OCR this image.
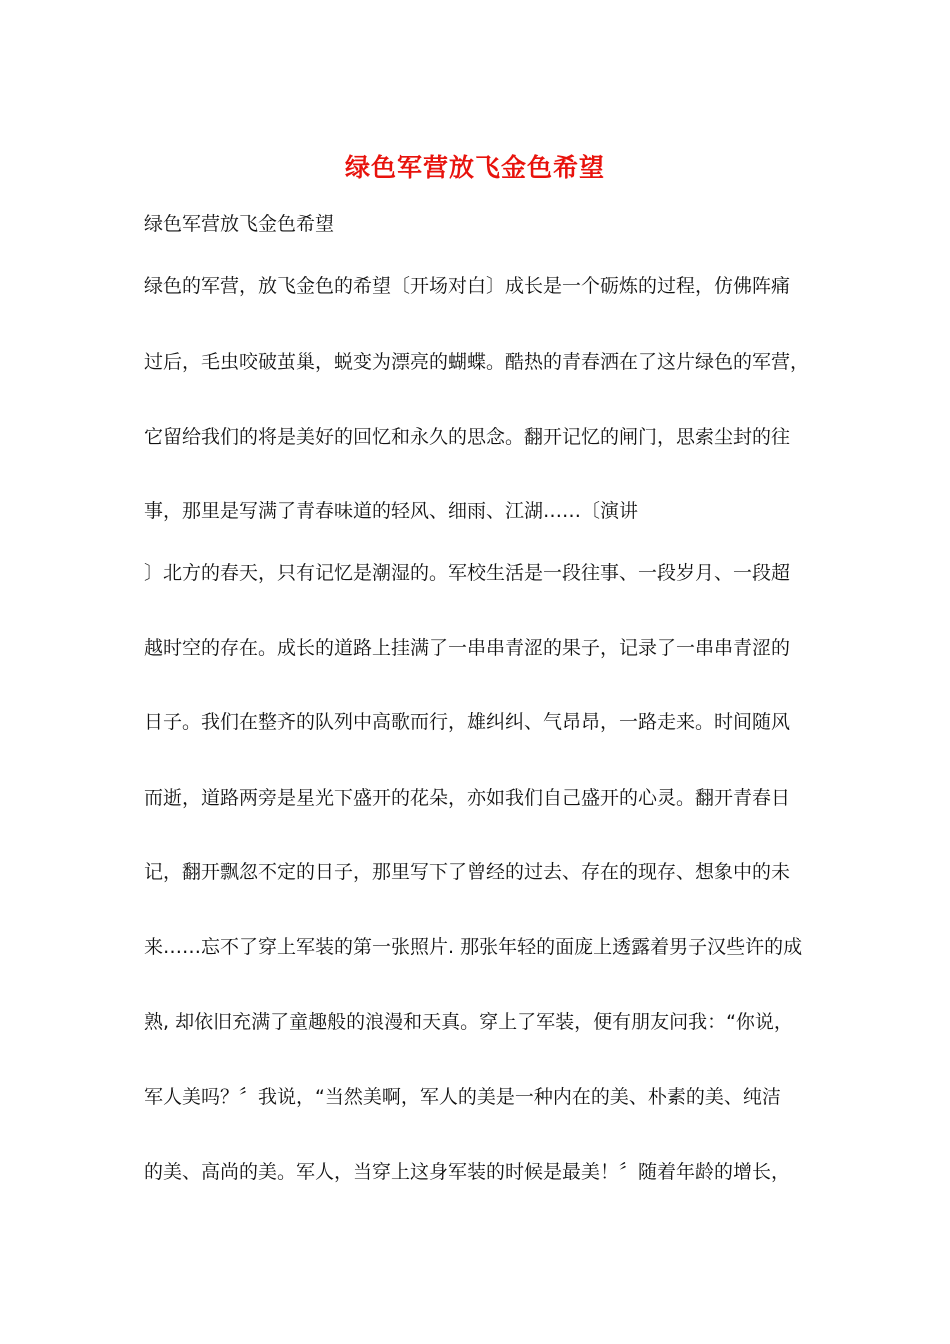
绿色军营放飞金色希望
绿色军营放飞金色希望
绿色的军营，放飞金色的希望〔开场对白〕成长是一个砺炼的过程，仿佛阵痛
过后，毛虫咬破茧巢，蜕变为漂亮的蝴蝶。酷热的青春洒在了这片绿色的军营，
它留给我们的将是美好的回忆和永久的思念。翻开记忆的闸门，思索尘封的往
事，那里是写满了青春味道的轻风、细雨、江湖……〔演讲
〕北方的春天，只有记忆是潮湿的。军校生活是一段往事、一段岁月、一段超
越时空的存在。成长的道路上挂满了一串串青涩的果子，记录了一串串青涩的
日子。我们在整齐的队列中高歌而行，雄纠纠、气昂昂，一路走来。时间随风
而逝，道路两旁是星光下盛开的花朵，亦如我们自己盛开的心灵。翻开青春日
记，翻开飘忽不定的日子，那里写下了曾经的过去、存在的现存、想象中的未
来……忘不了穿上军装的第一张照片. 那张年轻的面庞上透露着男子汉些许的成
熟, 却依旧充满了童趣般的浪漫和天真。穿上了军装，便有朋友问我：“你说，
军人美吗？〞我说，“当然美啊，军人的美是一种内在的美、朴素的美、纯洁
的美、高尚的美。军人，当穿上这身军装的时候是最美！〞随着年龄的增长，
